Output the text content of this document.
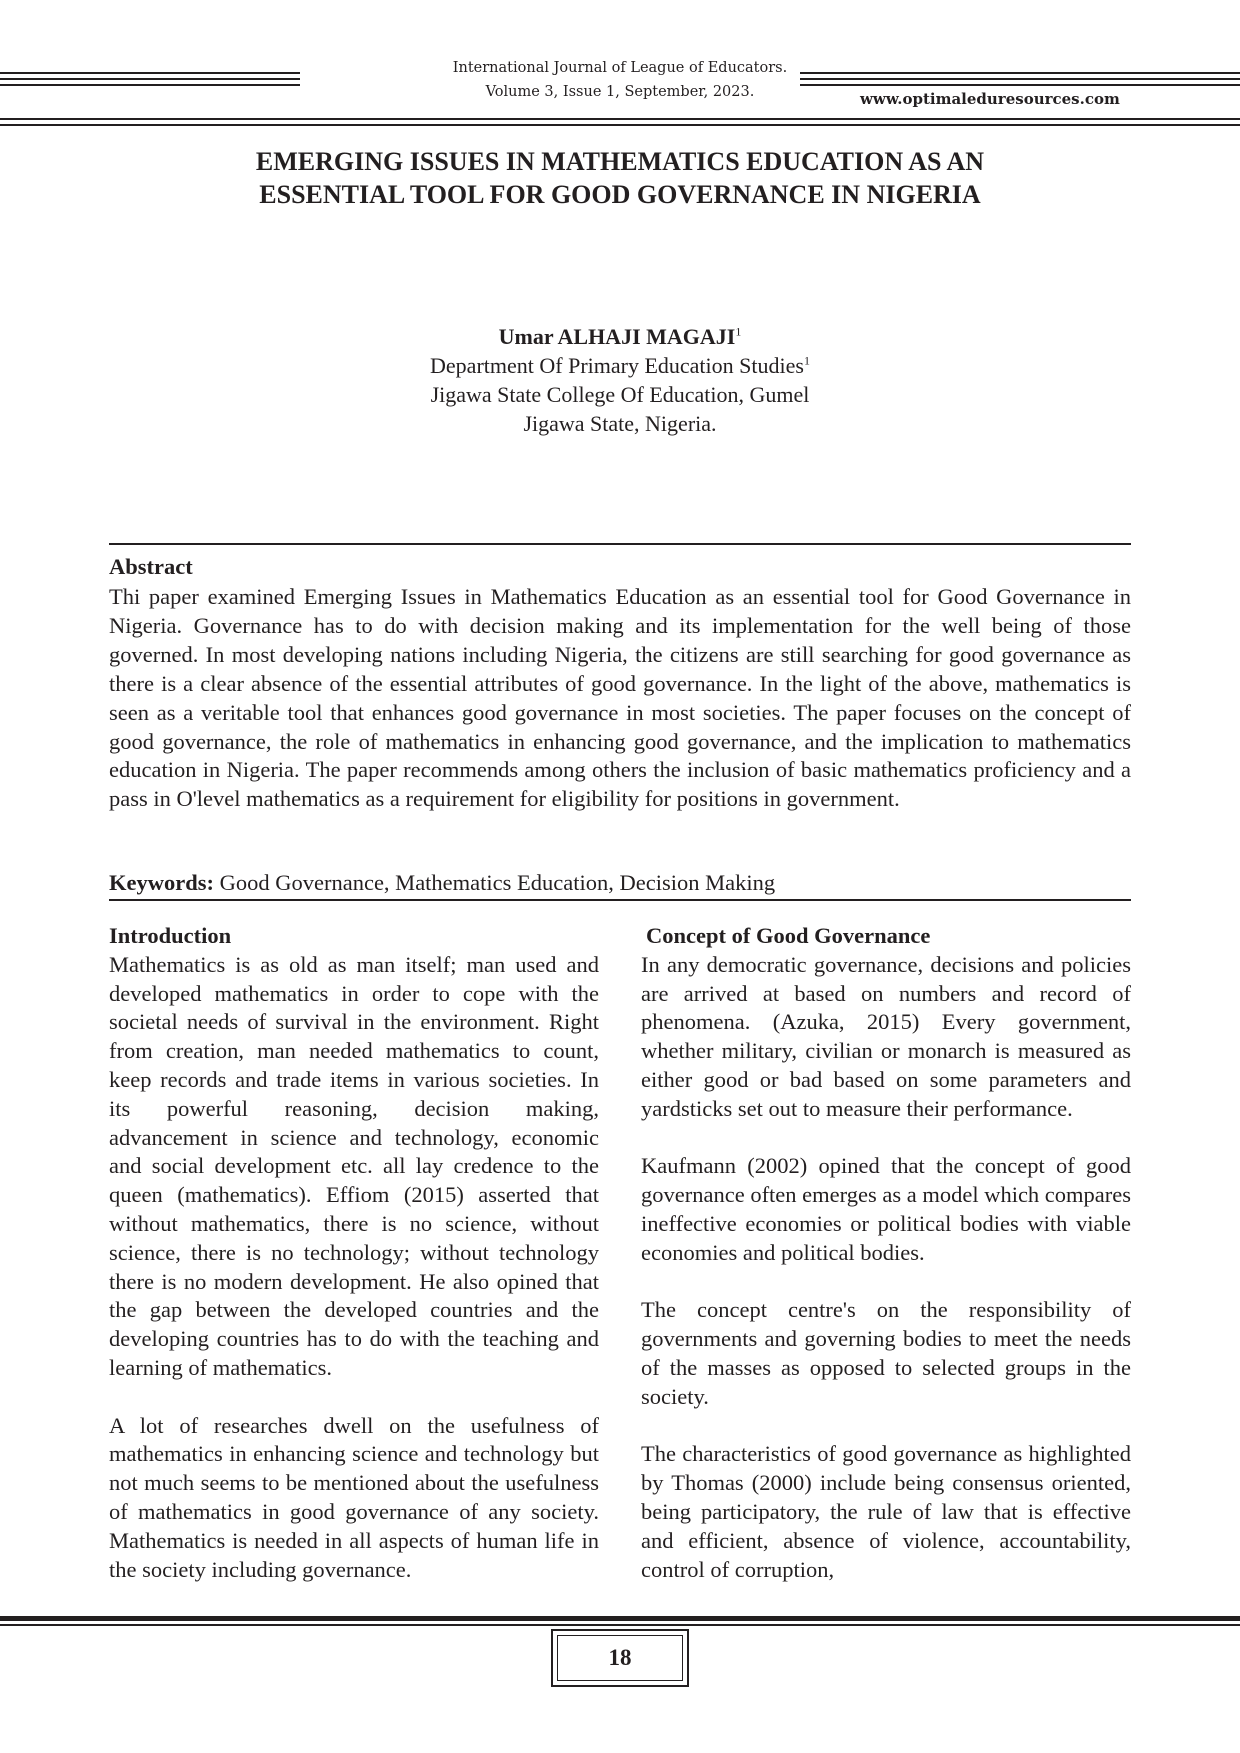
International Journal of League of Educators.
Volume 3, Issue 1, September, 2023.	www.optimaleduresources.com
EMERGING ISSUES IN MATHEMATICS EDUCATION AS AN
ESSENTIAL TOOL FOR GOOD GOVERNANCE IN NIGERIA
Umar ALHAJI MAGAJI$^1$
Department Of Primary Education Studies$^1$
Jigawa State College Of Education, Gumel
Jigawa State, Nigeria.
Abstract

Thi paper examined Emerging Issues in Mathematics Education as an essential tool for Good Governance in Nigeria. Governance has to do with decision making and its implementation for the well being of those governed. In most developing nations including Nigeria, the citizens are still searching for good governance as there is a clear absence of the essential attributes of good governance. In the light of the above, mathematics is seen as a veritable tool that enhances good governance in most societies. The paper focuses on the concept of good governance, the role of mathematics in enhancing good governance, and the implication to mathematics education in Nigeria. The paper recommends among others the inclusion of basic mathematics proficiency and a pass in O'level mathematics as a requirement for eligibility for positions in government.

Keywords: Good Governance, Mathematics Education, Decision Making
Introduction

Mathematics is as old as man itself; man used and developed mathematics in order to cope with the societal needs of survival in the environment. Right from creation, man needed mathematics to count, keep records and trade items in various societies. In its powerful reasoning, decision making, advancement in science and technology, economic and social development etc. all lay credence to the queen (mathematics). Effiom (2015) asserted that without mathematics, there is no science, without science, there is no technology; without technology there is no modern development. He also opined that the gap between the developed countries and the developing countries has to do with the teaching and learning of mathematics.

A lot of researches dwell on the usefulness of mathematics in enhancing science and technology but not much seems to be mentioned about the usefulness of mathematics in good governance of any society. Mathematics is needed in all aspects of human life in the society including governance.

Concept of Good Governance

In any democratic governance, decisions and policies are arrived at based on numbers and record of phenomena. (Azuka, 2015) Every government, whether military, civilian or monarch is measured as either good or bad based on some parameters and yardsticks set out to measure their performance.

Kaufmann (2002) opined that the concept of good governance often emerges as a model which compares ineffective economies or political bodies with viable economies and political bodies.

The concept centre's on the responsibility of governments and governing bodies to meet the needs of the masses as opposed to selected groups in the society.

The characteristics of good governance as highlighted by Thomas (2000) include being consensus oriented, being participatory, the rule of law that is effective and efficient, absence of violence, accountability, control of corruption,

18
